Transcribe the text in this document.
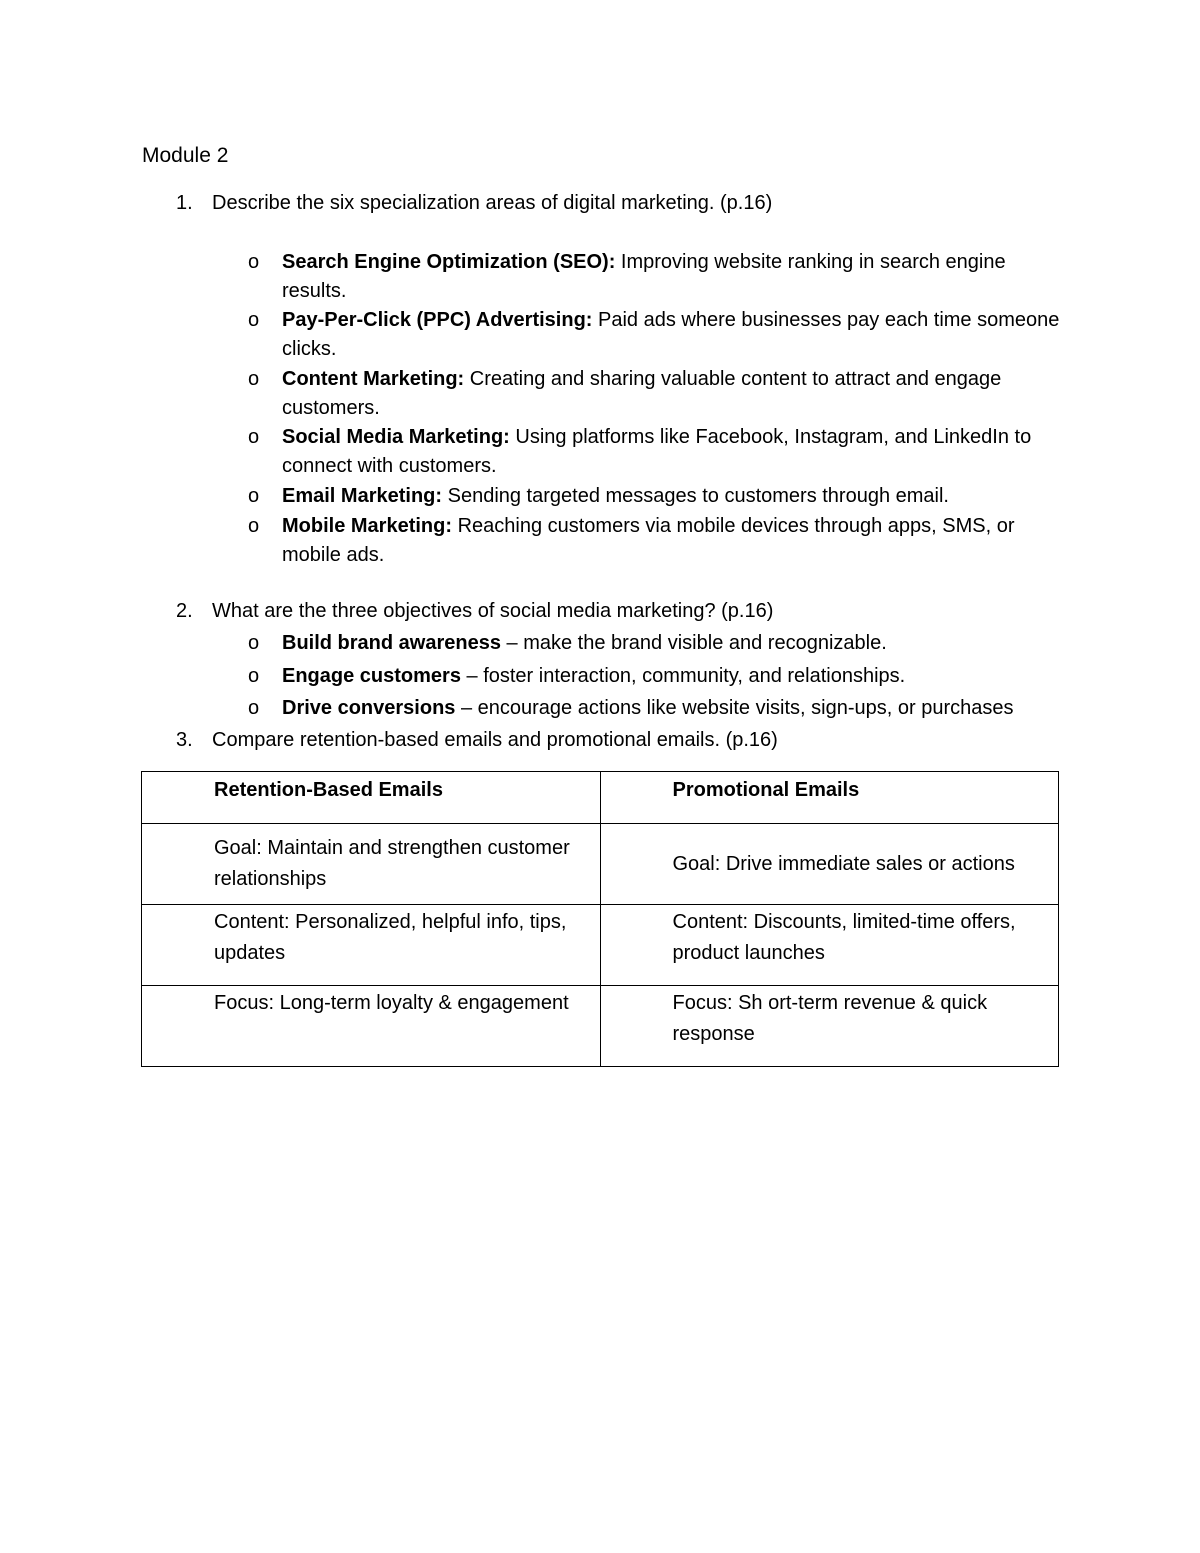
Module 2
1. Describe the six specialization areas of digital marketing. (p.16)
o Search Engine Optimization (SEO): Improving website ranking in search engine results.
o Pay-Per-Click (PPC) Advertising: Paid ads where businesses pay each time someone clicks.
o Content Marketing: Creating and sharing valuable content to attract and engage customers.
o Social Media Marketing: Using platforms like Facebook, Instagram, and LinkedIn to connect with customers.
o Email Marketing: Sending targeted messages to customers through email.
o Mobile Marketing: Reaching customers via mobile devices through apps, SMS, or mobile ads.
2. What are the three objectives of social media marketing? (p.16)
o Build brand awareness – make the brand visible and recognizable.
o Engage customers – foster interaction, community, and relationships.
o Drive conversions – encourage actions like website visits, sign-ups, or purchases
3. Compare retention-based emails and promotional emails. (p.16)
Retention-Based Emails	Promotional Emails
Goal: Maintain and strengthen customer relationships	Goal: Drive immediate sales or actions
Content: Personalized, helpful info, tips, updates	Content: Discounts, limited-time offers, product launches
Focus: Long-term loyalty & engagement	Focus: Sh ort-term revenue & quick response
